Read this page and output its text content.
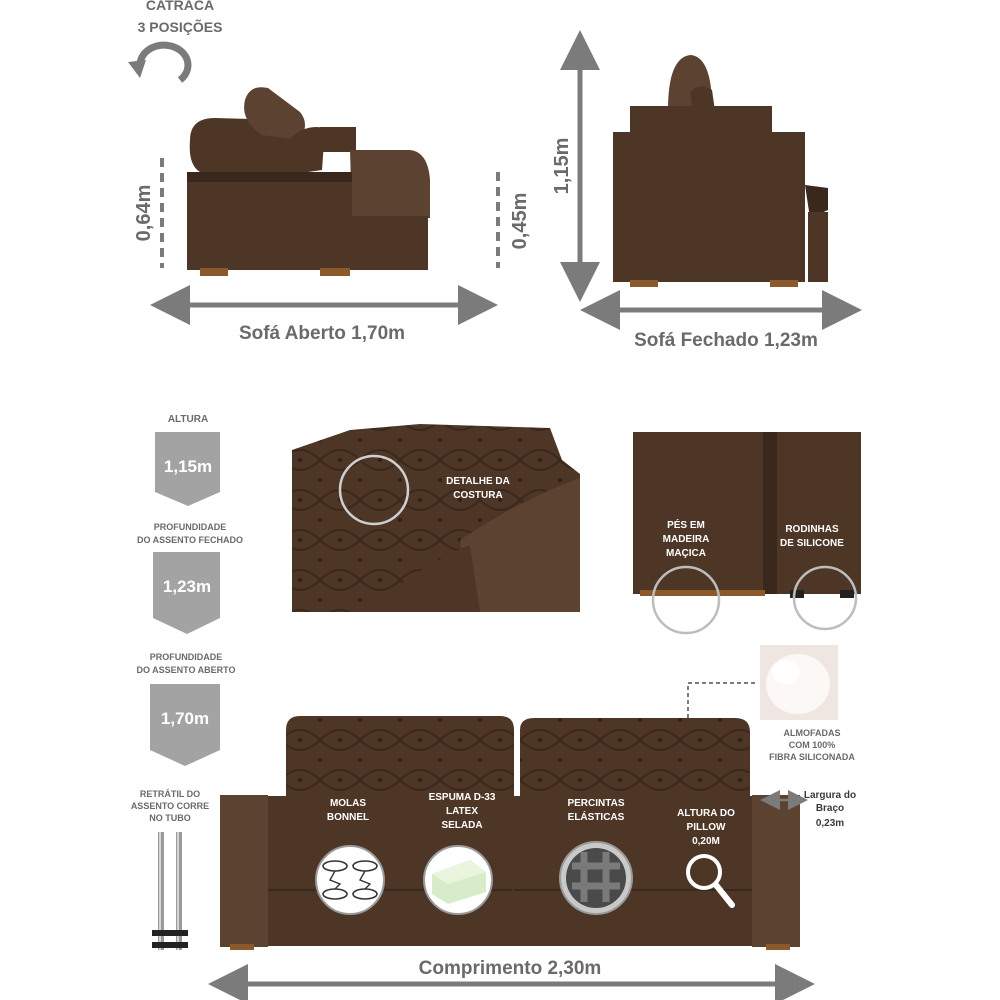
CATRACA
3 POSIÇÕES
0,64m	0,45m
Sofá Aberto 1,70m
1,15m
Sofá Fechado 1,23m
ALTURA
1,15m
PROFUNDIDADE
DO ASSENTO FECHADO
1,23m
PROFUNDIDADE
DO ASSENTO ABERTO
1,70m
RETRÁTIL DO
ASSENTO CORRE
NO TUBO
DETALHE DA
COSTURA
PÉS EM
MADEIRA
MAÇICA
RODINHAS
DE SILICONE
ALMOFADAS
COM 100%
FIBRA SILICONADA
MOLAS
BONNEL
ESPUMA D-33
LATEX
SELADA
PERCINTAS
ELÁSTICAS	ALTURA DO
PILLOW
0,20M
Largura do
Braço
0,23m
Comprimento 2,30m
